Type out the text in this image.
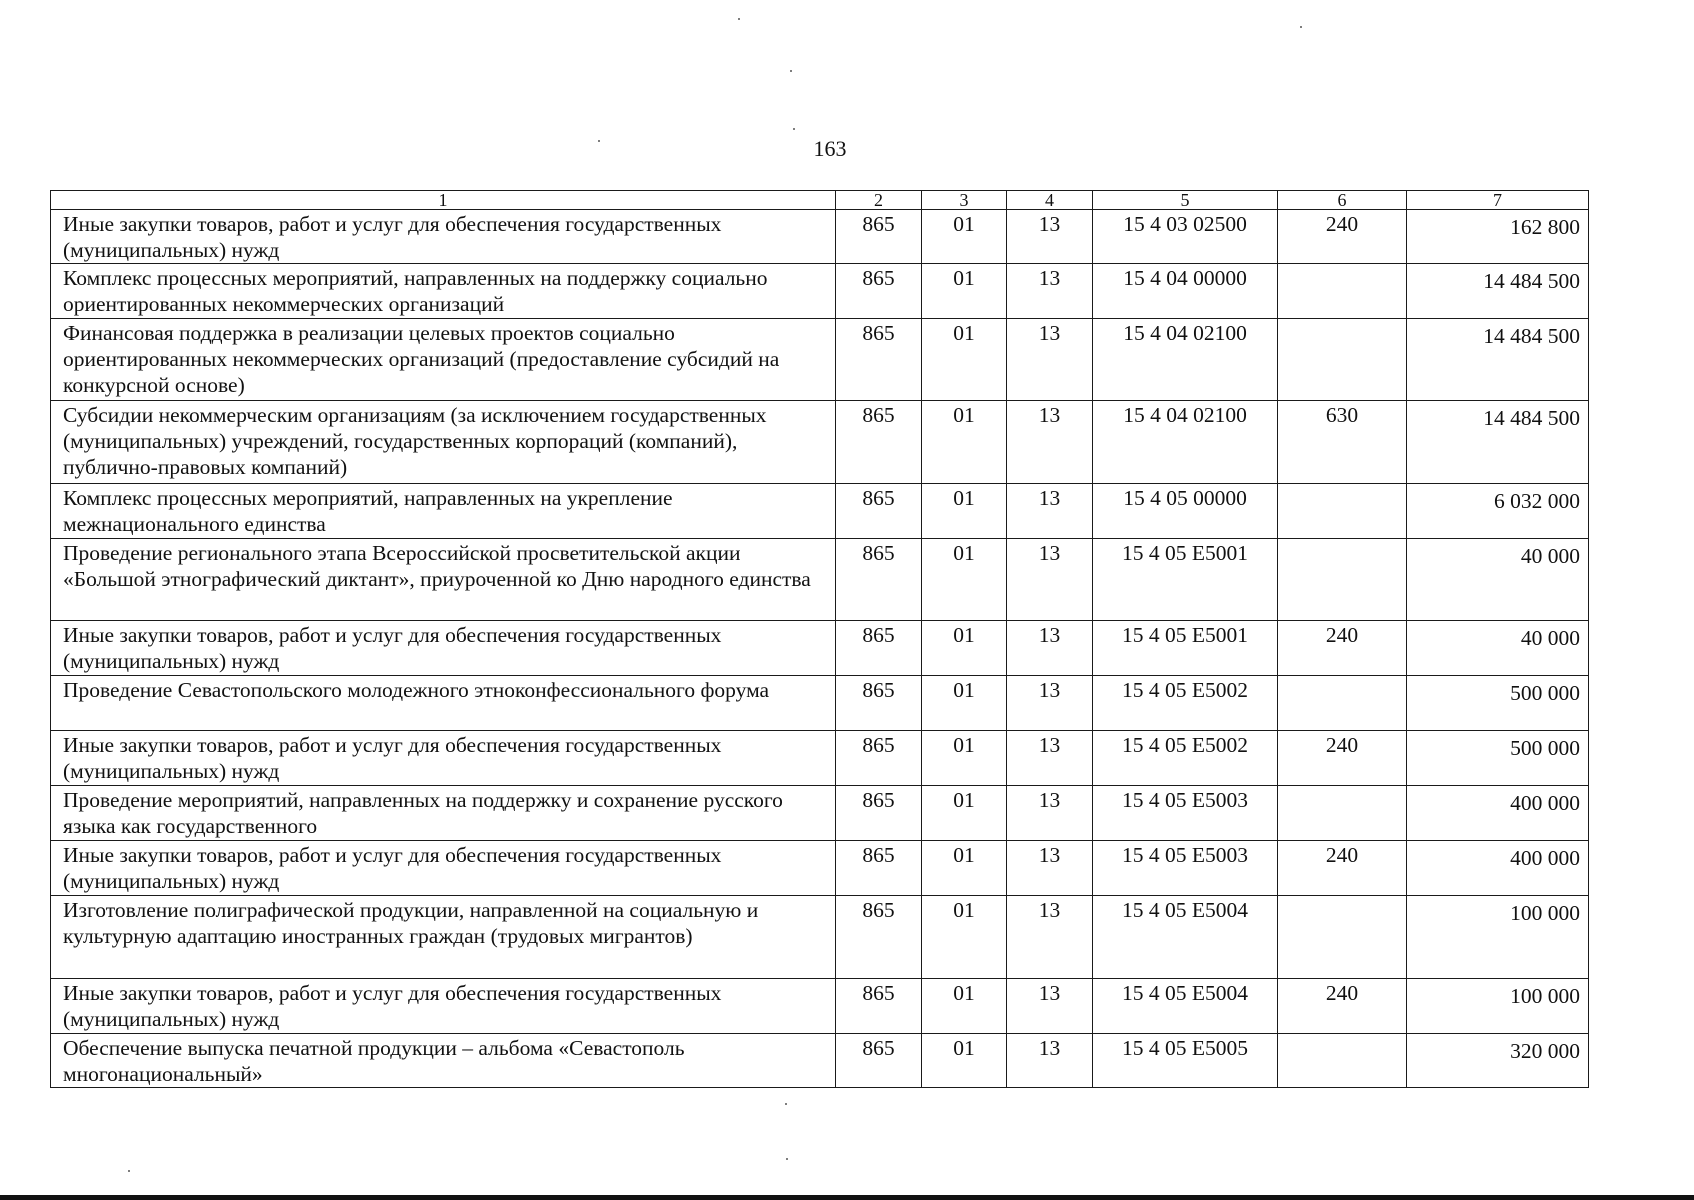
163
1	2	3	4	5	6	7
Иные закупки товаров, работ и услуг для обеспечения государственных (муниципальных) нужд	865	01	13	15 4 03 02500	240	162 800
Комплекс процессных мероприятий, направленных на поддержку социально ориентированных некоммерческих организаций	865	01	13	15 4 04 00000		14 484 500
Финансовая поддержка в реализации целевых проектов социально ориентированных некоммерческих организаций (предоставление субсидий на конкурсной основе)	865	01	13	15 4 04 02100		14 484 500
Субсидии некоммерческим организациям (за исключением государственных (муниципальных) учреждений, государственных корпораций (компаний), публично-правовых компаний)	865	01	13	15 4 04 02100	630	14 484 500
Комплекс процессных мероприятий, направленных на укрепление межнационального единства	865	01	13	15 4 05 00000		6 032 000
Проведение регионального этапа Всероссийской просветительской акции «Большой этнографический диктант», приуроченной ко Дню народного единства	865	01	13	15 4 05 E5001		40 000
Иные закупки товаров, работ и услуг для обеспечения государственных (муниципальных) нужд	865	01	13	15 4 05 E5001	240	40 000
Проведение Севастопольского молодежного этноконфессионального форума	865	01	13	15 4 05 E5002		500 000
Иные закупки товаров, работ и услуг для обеспечения государственных (муниципальных) нужд	865	01	13	15 4 05 E5002	240	500 000
Проведение мероприятий, направленных на поддержку и сохранение русского языка как государственного	865	01	13	15 4 05 E5003		400 000
Иные закупки товаров, работ и услуг для обеспечения государственных (муниципальных) нужд	865	01	13	15 4 05 E5003	240	400 000
Изготовление полиграфической продукции, направленной на социальную и культурную адаптацию иностранных граждан (трудовых мигрантов)	865	01	13	15 4 05 E5004		100 000
Иные закупки товаров, работ и услуг для обеспечения государственных (муниципальных) нужд	865	01	13	15 4 05 E5004	240	100 000
Обеспечение выпуска печатной продукции – альбома «Севастополь многонациональный»	865	01	13	15 4 05 E5005		320 000
